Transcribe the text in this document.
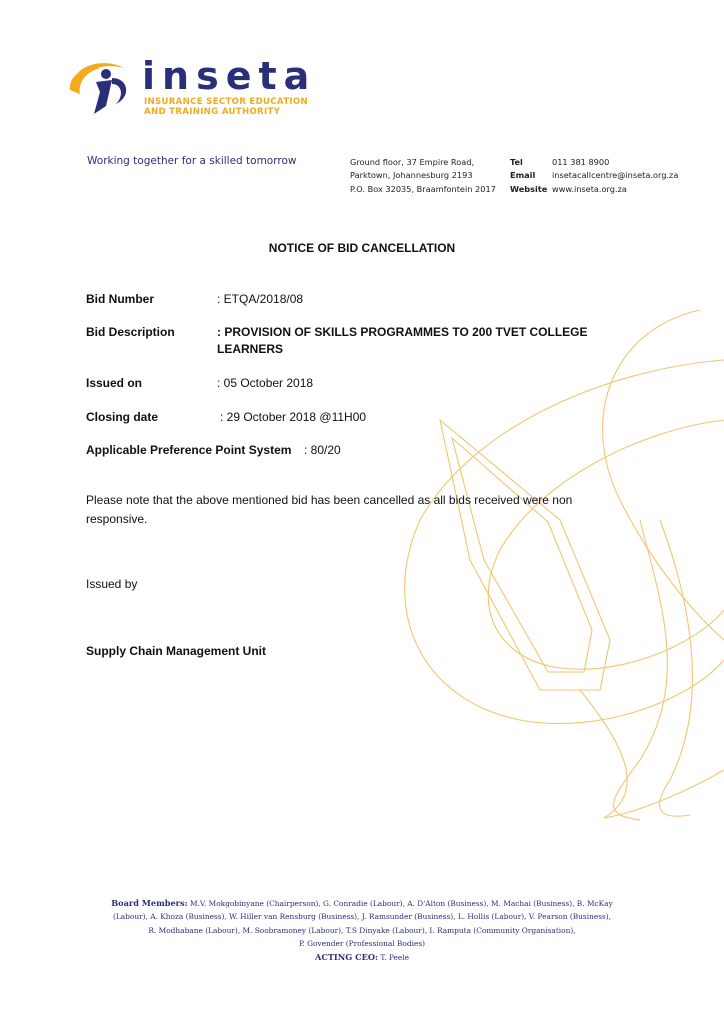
inseta
INSURANCE SECTOR EDUCATION
AND TRAINING AUTHORITY
Working together for a skilled tomorrow	Ground floor, 37 Empire Road,
Parktown, Johannesburg 2193
P.O. Box 32035, Braamfontein 2017
Tel	011 381 8900
Email	insetacallcentre@inseta.org.za
Website www.inseta.org.za
NOTICE OF BID CANCELLATION
Bid Number	: ETQA/2018/08
Bid Description	: PROVISION OF SKILLS PROGRAMMES TO 200 TVET COLLEGE
LEARNERS
Issued on	: 05 October 2018
Closing date	: 29 October 2018 @11H00
Applicable Preference Point System : 80/20
Please note that the above mentioned bid has been cancelled as all bids received were non responsive.
Issued by
Supply Chain Management Unit
Board Members: M.V. Mokgobinyane (Chairperson), G. Conradie (Labour), A. D'Alton (Business), M. Machai (Business), B. McKay
(Labour), A. Khoza (Business), W. Hiller van Rensburg (Business), J. Ramsunder (Business), L. Hollis (Labour), V. Pearson (Business),
R. Modhabane (Labour), M. Soobramoney (Labour), T.S Dinyake (Labour), I. Ramputa (Community Organisation),
P. Govender (Professional Bodies)
ACTING CEO: T. Peele
